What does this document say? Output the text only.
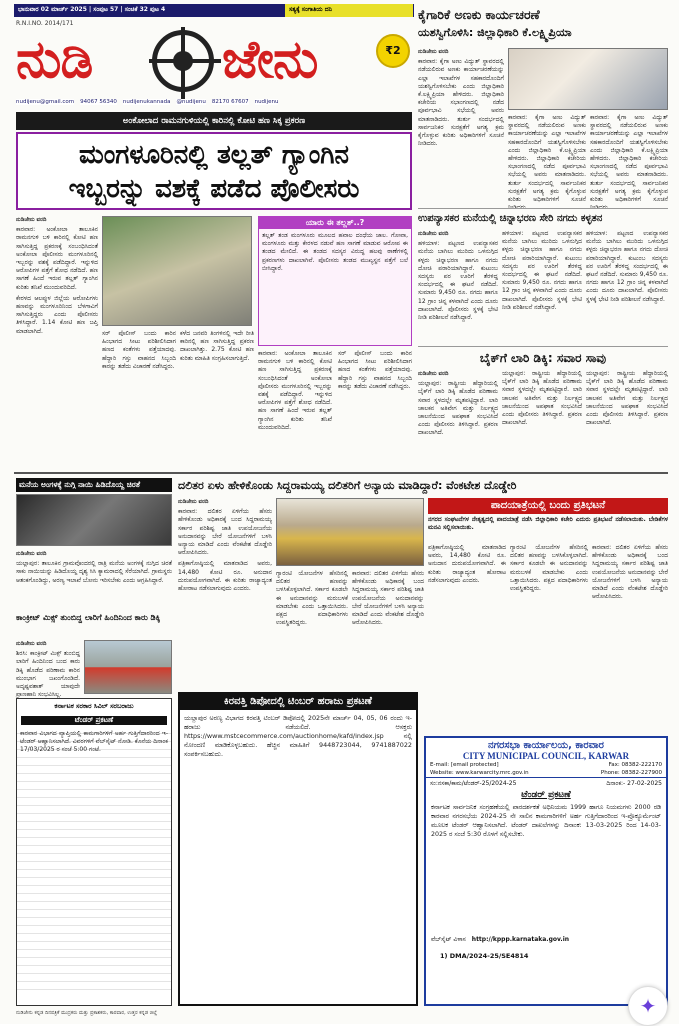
ಭಾನುವಾರ 02 ಮಾರ್ಚ್ 2025 | ಸಂಪುಟ 57 | ಸಂಚಿಕೆ 32 ಪುಟ 4	ಸತ್ಯಕ್ಕೆ ಸಂಗಾತಿಯ ದನಿ
R.N.I.NO. 2014/171
ನುಡಿ ಜೇನು	₹2
nudijenu@gmail.com 94067 56340 nudijenukannada @nudijenu 82170 67607 nudijenu
ಅಂಕೋಲಾದ ರಾಮನಗುಳಿಯಲ್ಲಿ ಕಾರಿನಲ್ಲಿ ಕೋಟಿ ಹಣ ಸಿಕ್ಕ ಪ್ರಕರಣ
ಮಂಗಳೂರಿನಲ್ಲಿ ತಲ್ಲತ್ ಗ್ಯಾಂಗಿನ
ಇಬ್ಬರನ್ನು ವಶಕ್ಕೆ ಪಡೆದ ಪೊಲೀಸರು
ನುಡಿಜೇನು ವರದಿ

ಕಾರವಾರ: ಅಂಕೋಲಾ ತಾಲೂಕಿನ ರಾಮನಗುಳಿ ಬಳಿ ಕಾರಿನಲ್ಲಿ ಕೋಟಿ ಹಣ ಸಾಗಿಸುತ್ತಿದ್ದ ಪ್ರಕರಣಕ್ಕೆ ಸಂಬಂಧಿಸಿದಂತೆ ಅಂಕೋಲಾ ಪೊಲೀಸರು ಮಂಗಳೂರಿನಲ್ಲಿ ಇಬ್ಬರನ್ನು ವಶಕ್ಕೆ ಪಡೆದಿದ್ದಾರೆ. ಇನ್ನುಳಿದ ಆರೋಪಿಗಳ ಪತ್ತೆಗೆ ಶೋಧ ನಡೆದಿದೆ. ಹಣ ಸಾಗಣೆ ಹಿಂದೆ ಇರುವ ತಲ್ಲತ್ ಗ್ಯಾಂಗಿನ ಕುರಿತು ತನಿಖೆ ಮುಂದುವರಿದಿದೆ.

ಕೇರಳದ ಆಲಪ್ಪುಳ ಜಿಲ್ಲೆಯ ಆರೋಪಿಗಳು ಹಣವನ್ನು ಮಂಗಳೂರಿನಿಂದ ಬೆಳಗಾವಿಗೆ ಸಾಗಿಸುತ್ತಿದ್ದರು ಎಂದು ಪೊಲೀಸರು ತಿಳಿಸಿದ್ದಾರೆ. 1.14 ಕೋಟಿ ಹಣ ಜಪ್ತಿ ಮಾಡಲಾಗಿದೆ.	ಸರ್ ಪೊಲೀಸ್ ಬಂದು ಕಾರಿನ ಹಿಂಭಾಗದ ಸೀಟು ಪರಿಶೀಲಿಸಿದಾಗ ಹಣದ ಕಂತೆಗಳು ಪತ್ತೆಯಾದವು. ಹೆದ್ದಾರಿ ಗಸ್ತು ವಾಹನದ ಸಿಬ್ಬಂದಿ ಕಾರನ್ನು ತಡೆದು ವಿಚಾರಣೆ ನಡೆಸಿದ್ದರು.

ಕಳೆದ ಜನವರಿ ತಿಂಗಳಿನಲ್ಲಿ ಇದೇ ರೀತಿ ಕಾರಿನಲ್ಲಿ ಹಣ ಸಾಗಿಸುತ್ತಿದ್ದ ಪ್ರಕರಣ ದಾಖಲಾಗಿತ್ತು. 2.75 ಕೋಟಿ ಹಣ ಕುರಿತು ಮಾಹಿತಿ ಸಂಗ್ರಹಿಸಲಾಗುತ್ತಿದೆ.

ಯಾರು ಈ ತಲ್ಲತ್..?
ತಲ್ಲತ್ ತಂಡ ಮಂಗಳೂರು ಮೂಲದ ಹವಾಲ ದಂಧೆಯ ಜಾಲ. ಗೋವಾ, ಮಂಗಳೂರು ಮತ್ತು ಕೇರಳದ ನಡುವೆ ಹಣ ಸಾಗಣೆ ಮಾಡುವ ಆರೋಪ ಈ ತಂಡದ ಮೇಲಿದೆ. ಈ ತಂಡದ ಸದಸ್ಯರ ವಿರುದ್ಧ ಹಲವು ಠಾಣೆಗಳಲ್ಲಿ ಪ್ರಕರಣಗಳು ದಾಖಲಾಗಿವೆ. ಪೊಲೀಸರು ತಂಡದ ಮುಖ್ಯಸ್ಥನ ಪತ್ತೆಗೆ ಬಲೆ ಬೀಸಿದ್ದಾರೆ.

ಕಾರವಾರ: ಅಂಕೋಲಾ ತಾಲೂಕಿನ ರಾಮನಗುಳಿ ಬಳಿ ಕಾರಿನಲ್ಲಿ ಕೋಟಿ ಹಣ ಸಾಗಿಸುತ್ತಿದ್ದ ಪ್ರಕರಣಕ್ಕೆ ಸಂಬಂಧಿಸಿದಂತೆ ಅಂಕೋಲಾ ಪೊಲೀಸರು ಮಂಗಳೂರಿನಲ್ಲಿ ಇಬ್ಬರನ್ನು ವಶಕ್ಕೆ ಪಡೆದಿದ್ದಾರೆ. ಇನ್ನುಳಿದ ಆರೋಪಿಗಳ ಪತ್ತೆಗೆ ಶೋಧ ನಡೆದಿದೆ. ಹಣ ಸಾಗಣೆ ಹಿಂದೆ ಇರುವ ತಲ್ಲತ್ ಗ್ಯಾಂಗಿನ ಕುರಿತು ತನಿಖೆ ಮುಂದುವರಿದಿದೆ.

ಸರ್ ಪೊಲೀಸ್ ಬಂದು ಕಾರಿನ ಹಿಂಭಾಗದ ಸೀಟು ಪರಿಶೀಲಿಸಿದಾಗ ಹಣದ ಕಂತೆಗಳು ಪತ್ತೆಯಾದವು. ಹೆದ್ದಾರಿ ಗಸ್ತು ವಾಹನದ ಸಿಬ್ಬಂದಿ ಕಾರನ್ನು ತಡೆದು ವಿಚಾರಣೆ ನಡೆಸಿದ್ದರು.

ಕೈಗಾರಿಕೆ ಅಣಕು ಕಾರ್ಯಚರಣೆ
ಯಶಸ್ವಿಗೊಳಿಸಿ: ಜಿಲ್ಲಾಧಿಕಾರಿ ಕೆ.ಲಕ್ಷ್ಮಿಪ್ರಿಯಾ
ನುಡಿಜೇನು ವರದಿ

ಕಾರವಾರ: ಕೈಗಾ ಅಣು ವಿದ್ಯುತ್ ಸ್ಥಾವರದಲ್ಲಿ ನಡೆಯಲಿರುವ ಅಣಕು ಕಾರ್ಯಾಚರಣೆಯನ್ನು ಎಲ್ಲಾ ಇಲಾಖೆಗಳ ಸಹಕಾರದೊಂದಿಗೆ ಯಶಸ್ವಿಗೊಳಿಸಬೇಕು ಎಂದು ಜಿಲ್ಲಾಧಿಕಾರಿ ಕೆ.ಲಕ್ಷ್ಮಿಪ್ರಿಯಾ ಹೇಳಿದರು. ಜಿಲ್ಲಾಧಿಕಾರಿ ಕಚೇರಿಯ ಸಭಾಂಗಣದಲ್ಲಿ ನಡೆದ ಪೂರ್ವಭಾವಿ ಸಭೆಯಲ್ಲಿ ಅವರು ಮಾತನಾಡಿದರು. ತುರ್ತು ಸಂದರ್ಭದಲ್ಲಿ ಸಾರ್ವಜನಿಕರ ಸುರಕ್ಷತೆಗೆ ಅಗತ್ಯ ಕ್ರಮ ಕೈಗೊಳ್ಳುವ ಕುರಿತು ಅಧಿಕಾರಿಗಳಿಗೆ ಸೂಚನೆ ನೀಡಿದರು.

ಕಾರವಾರ: ಕೈಗಾ ಅಣು ವಿದ್ಯುತ್ ಸ್ಥಾವರದಲ್ಲಿ ನಡೆಯಲಿರುವ ಅಣಕು ಕಾರ್ಯಾಚರಣೆಯನ್ನು ಎಲ್ಲಾ ಇಲಾಖೆಗಳ ಸಹಕಾರದೊಂದಿಗೆ ಯಶಸ್ವಿಗೊಳಿಸಬೇಕು ಎಂದು ಜಿಲ್ಲಾಧಿಕಾರಿ ಕೆ.ಲಕ್ಷ್ಮಿಪ್ರಿಯಾ ಹೇಳಿದರು. ಜಿಲ್ಲಾಧಿಕಾರಿ ಕಚೇರಿಯ ಸಭಾಂಗಣದಲ್ಲಿ ನಡೆದ ಪೂರ್ವಭಾವಿ ಸಭೆಯಲ್ಲಿ ಅವರು ಮಾತನಾಡಿದರು. ತುರ್ತು ಸಂದರ್ಭದಲ್ಲಿ ಸಾರ್ವಜನಿಕರ ಸುರಕ್ಷತೆಗೆ ಅಗತ್ಯ ಕ್ರಮ ಕೈಗೊಳ್ಳುವ ಕುರಿತು ಅಧಿಕಾರಿಗಳಿಗೆ ಸೂಚನೆ

ಕಾರವಾರ: ಕೈಗಾ ಅಣು ವಿದ್ಯುತ್ ಸ್ಥಾವರದಲ್ಲಿ ನಡೆಯಲಿರುವ ಅಣಕು ಕಾರ್ಯಾಚರಣೆಯನ್ನು ಎಲ್ಲಾ ಇಲಾಖೆಗಳ ಸಹಕಾರದೊಂದಿಗೆ ಯಶಸ್ವಿಗೊಳಿಸಬೇಕು ಎಂದು ಜಿಲ್ಲಾಧಿಕಾರಿ ಕೆ.ಲಕ್ಷ್ಮಿಪ್ರಿಯಾ ಹೇಳಿದರು. ಜಿಲ್ಲಾಧಿಕಾರಿ ಕಚೇರಿಯ ಸಭಾಂಗಣದಲ್ಲಿ ನಡೆದ ಪೂರ್ವಭಾವಿ ಸಭೆಯಲ್ಲಿ ಅವರು ಮಾತನಾಡಿದರು. ತುರ್ತು ಸಂದರ್ಭದಲ್ಲಿ ಸಾರ್ವಜನಿಕರ ಸುರಕ್ಷತೆಗೆ ಅಗತ್ಯ ಕ್ರಮ ಕೈಗೊಳ್ಳುವ ಕುರಿತು ಅಧಿಕಾರಿಗಳಿಗೆ ಸೂಚನೆ

ಉಪನ್ಯಾಸಕರ ಮನೆಯಲ್ಲಿ ಚಿನ್ನಾಭರಣ ಸೇರಿ ನಗದು ಕಳ್ಳತನ
ನುಡಿಜೇನು ವರದಿ

ಹಳಿಯಾಳ: ಪಟ್ಟಣದ ಉಪನ್ಯಾಸಕರ ಮನೆಯ ಬಾಗಿಲು ಮುರಿದು ಒಳನುಗ್ಗಿದ ಕಳ್ಳರು ಚಿನ್ನಾಭರಣ ಹಾಗೂ ನಗದು ದೋಚಿ ಪರಾರಿಯಾಗಿದ್ದಾರೆ. ಕುಟುಂಬ ಸದಸ್ಯರು ಪರ ಊರಿಗೆ ತೆರಳಿದ್ದ ಸಂದರ್ಭದಲ್ಲಿ ಈ ಘಟನೆ ನಡೆದಿದೆ. ಸುಮಾರು 9,450 ರೂ. ನಗದು ಹಾಗೂ 12 ಗ್ರಾಂ ಚಿನ್ನ ಕಳವಾಗಿದೆ ಎಂದು ದೂರು ದಾಖಲಾಗಿದೆ. ಪೊಲೀಸರು ಸ್ಥಳಕ್ಕೆ ಭೇಟಿ ನೀಡಿ ಪರಿಶೀಲನೆ ನಡೆಸಿದ್ದಾರೆ.

ಹಳಿಯಾಳ: ಪಟ್ಟಣದ ಉಪನ್ಯಾಸಕರ ಮನೆಯ ಬಾಗಿಲು ಮುರಿದು ಒಳನುಗ್ಗಿದ ಕಳ್ಳರು ಚಿನ್ನಾಭರಣ ಹಾಗೂ ನಗದು ದೋಚಿ ಪರಾರಿಯಾಗಿದ್ದಾರೆ. ಕುಟುಂಬ ಸದಸ್ಯರು ಪರ ಊರಿಗೆ ತೆರಳಿದ್ದ ಸಂದರ್ಭದಲ್ಲಿ ಈ ಘಟನೆ ನಡೆದಿದೆ. ಸುಮಾರು 9,450 ರೂ. ನಗದು ಹಾಗೂ 12 ಗ್ರಾಂ ಚಿನ್ನ ಕಳವಾಗಿದೆ ಎಂದು ದೂರು ದಾಖಲಾಗಿದೆ. ಪೊಲೀಸರು ಸ್ಥಳಕ್ಕೆ ಭೇಟಿ ನೀಡಿ ಪರಿಶೀಲನೆ ನಡೆಸಿದ್ದಾರೆ.

ಹಳಿಯಾಳ: ಪಟ್ಟಣದ ಉಪನ್ಯಾಸಕರ ಮನೆಯ ಬಾಗಿಲು ಮುರಿದು ಒಳನುಗ್ಗಿದ ಕಳ್ಳರು ಚಿನ್ನಾಭರಣ ಹಾಗೂ ನಗದು ದೋಚಿ ಪರಾರಿಯಾಗಿದ್ದಾರೆ. ಕುಟುಂಬ ಸದಸ್ಯರು ಪರ ಊರಿಗೆ ತೆರಳಿದ್ದ ಸಂದರ್ಭದಲ್ಲಿ ಈ ಘಟನೆ ನಡೆದಿದೆ. ಸುಮಾರು 9,450 ರೂ. ನಗದು ಹಾಗೂ 12 ಗ್ರಾಂ ಚಿನ್ನ ಕಳವಾಗಿದೆ ಎಂದು ದೂರು ದಾಖಲಾಗಿದೆ. ಪೊಲೀಸರು ಸ್ಥಳಕ್ಕೆ ಭೇಟಿ ನೀಡಿ ಪರಿಶೀಲನೆ ನಡೆಸಿದ್ದಾರೆ.

ಬೈಕ್‌ಗೆ ಲಾರಿ ಡಿಕ್ಕಿ: ಸವಾರ ಸಾವು
ನುಡಿಜೇನು ವರದಿ

ಯಲ್ಲಾಪುರ: ರಾಷ್ಟ್ರೀಯ ಹೆದ್ದಾರಿಯಲ್ಲಿ ಬೈಕ್‌ಗೆ ಲಾರಿ ಡಿಕ್ಕಿ ಹೊಡೆದ ಪರಿಣಾಮ ಸವಾರ ಸ್ಥಳದಲ್ಲೇ ಮೃತಪಟ್ಟಿದ್ದಾರೆ. ಲಾರಿ ಚಾಲಕನ ಅತಿವೇಗ ಮತ್ತು ನಿರ್ಲಕ್ಷ್ಯದ ಚಾಲನೆಯಿಂದ ಅಪಘಾತ ಸಂಭವಿಸಿದೆ ಎಂದು ಪೊಲೀಸರು ತಿಳಿಸಿದ್ದಾರೆ. ಪ್ರಕರಣ ದಾಖಲಾಗಿದೆ.

ಯಲ್ಲಾಪುರ: ರಾಷ್ಟ್ರೀಯ ಹೆದ್ದಾರಿಯಲ್ಲಿ ಬೈಕ್‌ಗೆ ಲಾರಿ ಡಿಕ್ಕಿ ಹೊಡೆದ ಪರಿಣಾಮ ಸವಾರ ಸ್ಥಳದಲ್ಲೇ ಮೃತಪಟ್ಟಿದ್ದಾರೆ. ಲಾರಿ ಚಾಲಕನ ಅತಿವೇಗ ಮತ್ತು ನಿರ್ಲಕ್ಷ್ಯದ ಚಾಲನೆಯಿಂದ ಅಪಘಾತ ಸಂಭವಿಸಿದೆ ಎಂದು ಪೊಲೀಸರು ತಿಳಿಸಿದ್ದಾರೆ. ಪ್ರಕರಣ ದಾಖಲಾಗಿದೆ.

ಯಲ್ಲಾಪುರ: ರಾಷ್ಟ್ರೀಯ ಹೆದ್ದಾರಿಯಲ್ಲಿ ಬೈಕ್‌ಗೆ ಲಾರಿ ಡಿಕ್ಕಿ ಹೊಡೆದ ಪರಿಣಾಮ ಸವಾರ ಸ್ಥಳದಲ್ಲೇ ಮೃತಪಟ್ಟಿದ್ದಾರೆ. ಲಾರಿ ಚಾಲಕನ ಅತಿವೇಗ ಮತ್ತು ನಿರ್ಲಕ್ಷ್ಯದ ಚಾಲನೆಯಿಂದ ಅಪಘಾತ ಸಂಭವಿಸಿದೆ ಎಂದು ಪೊಲೀಸರು ತಿಳಿಸಿದ್ದಾರೆ. ಪ್ರಕರಣ ದಾಖಲಾಗಿದೆ.

ಮನೆಯ ಅಂಗಳಕ್ಕೆ ನುಗ್ಗಿ ನಾಯಿ ಹಿಡಿದೊಯ್ದ ಚಿರತೆ
ನುಡಿಜೇನು ವರದಿ

ಯಲ್ಲಾಪುರ: ತಾಲೂಕಿನ ಗ್ರಾಮವೊಂದರಲ್ಲಿ ರಾತ್ರಿ ಮನೆಯ ಅಂಗಳಕ್ಕೆ ನುಗ್ಗಿದ ಚಿರತೆ ಸಾಕು ನಾಯಿಯನ್ನು ಹಿಡಿದೊಯ್ದ ದೃಶ್ಯ ಸಿಸಿ ಕ್ಯಾಮರಾದಲ್ಲಿ ಸೆರೆಯಾಗಿದೆ. ಗ್ರಾಮಸ್ಥರು ಆತಂಕಗೊಂಡಿದ್ದು, ಅರಣ್ಯ ಇಲಾಖೆ ಬೋನು ಇರಿಸಬೇಕು ಎಂದು ಆಗ್ರಹಿಸಿದ್ದಾರೆ.

ಕಾಂಕ್ರೀಟ್ ಮಿಕ್ಸ್ ತುಂಬಿದ್ದ ಲಾರಿಗೆ ಹಿಂದಿನಿಂದ ಕಾರು ಡಿಕ್ಕಿ
ನುಡಿಜೇನು ವರದಿ

ಶಿರಸಿ: ಕಾಂಕ್ರೀಟ್ ಮಿಕ್ಸ್ ತುಂಬಿದ್ದ ಲಾರಿಗೆ ಹಿಂದಿನಿಂದ ಬಂದ ಕಾರು ಡಿಕ್ಕಿ ಹೊಡೆದ ಪರಿಣಾಮ ಕಾರಿನ ಮುಂಭಾಗ ಜಖಂಗೊಂಡಿದೆ. ಅದೃಷ್ಟವಶಾತ್ ಯಾವುದೇ ಪ್ರಾಣಹಾನಿ ಸಂಭವಿಸಿಲ್ಲ.

ಕರ್ನಾಟಕ ಸರಕಾರ ಸಿವಿಲ್ ಸರಬರಾಜು
ಟೆಂಡರ್ ಪ್ರಕಟಣೆ
ಕಾರವಾರ ವಿಭಾಗದ ವ್ಯಾಪ್ತಿಯಲ್ಲಿ ಕಾಮಗಾರಿಗಳಿಗೆ ಅರ್ಹ ಗುತ್ತಿಗೆದಾರರಿಂದ ಇ-ಟೆಂಡರ್ ಆಹ್ವಾನಿಸಲಾಗಿದೆ. ವಿವರಗಳಿಗೆ ವೆಬ್‌ಸೈಟ್ ನೋಡಿ. ಕೊನೆಯ ದಿನಾಂಕ 17/03/2025 ರ ಸಂಜೆ 5:00 ಗಂಟೆ.
ದಲಿತರ ಏಳು ಹೇಳಿಕೊಂಡು ಸಿದ್ದರಾಮಯ್ಯ ದಲಿತರಿಗೆ ಅನ್ಯಾಯ ಮಾಡಿದ್ದಾರೆ: ವೆಂಕಟೇಶ ದೊಡ್ಡೇರಿ
ನುಡಿಜೇನು ವರದಿ

ಕಾರವಾರ: ದಲಿತರ ಏಳಿಗೆಯ ಹೆಸರು ಹೇಳಿಕೊಂಡು ಅಧಿಕಾರಕ್ಕೆ ಬಂದ ಸಿದ್ದರಾಮಯ್ಯ ಸರ್ಕಾರ ಪರಿಶಿಷ್ಟ ಜಾತಿ ಉಪಯೋಜನೆಯ ಅನುದಾನವನ್ನು ಬೇರೆ ಯೋಜನೆಗಳಿಗೆ ಬಳಸಿ ಅನ್ಯಾಯ ಮಾಡಿದೆ ಎಂದು ವೆಂಕಟೇಶ ದೊಡ್ಡೇರಿ ಆರೋಪಿಸಿದರು.

ಪತ್ರಿಕಾಗೋಷ್ಠಿಯಲ್ಲಿ ಮಾತನಾಡಿದ ಅವರು, 14,480 ಕೋಟಿ ರೂ. ಅನುದಾನ ದುರುಪಯೋಗವಾಗಿದೆ. ಈ ಕುರಿತು ರಾಜ್ಯಾದ್ಯಂತ ಹೋರಾಟ ನಡೆಸಲಾಗುವುದು ಎಂದರು.

ಗ್ಯಾರಂಟಿ ಯೋಜನೆಗಳ ಹೆಸರಿನಲ್ಲಿ ದಲಿತರ ಹಣವನ್ನು ಬಳಸಿಕೊಳ್ಳಲಾಗಿದೆ. ಸರ್ಕಾರ ಕೂಡಲೇ ಈ ಅನುದಾನವನ್ನು ಮರುಬಳಕೆ ಮಾಡಬೇಕು ಎಂದು ಒತ್ತಾಯಿಸಿದರು. ಪಕ್ಷದ ಪದಾಧಿಕಾರಿಗಳು ಉಪಸ್ಥಿತರಿದ್ದರು.

ಕಾರವಾರ: ದಲಿತರ ಏಳಿಗೆಯ ಹೆಸರು ಹೇಳಿಕೊಂಡು ಅಧಿಕಾರಕ್ಕೆ ಬಂದ ಸಿದ್ದರಾಮಯ್ಯ ಸರ್ಕಾರ ಪರಿಶಿಷ್ಟ ಜಾತಿ ಉಪಯೋಜನೆಯ ಅನುದಾನವನ್ನು ಬೇರೆ ಯೋಜನೆಗಳಿಗೆ ಬಳಸಿ ಅನ್ಯಾಯ ಮಾಡಿದೆ ಎಂದು ವೆಂಕಟೇಶ ದೊಡ್ಡೇರಿ ಆರೋಪಿಸಿದರು.

ಪಾದಯಾತ್ರೆಯಲ್ಲಿ ಬಂದು ಪ್ರತಿಭಟನೆ
ನಗರದ ಸಂಘಟನೆಗಳ ನೇತೃತ್ವದಲ್ಲಿ ಪಾದಯಾತ್ರೆ ನಡೆಸಿ ಜಿಲ್ಲಾಧಿಕಾರಿ ಕಚೇರಿ ಎದುರು ಪ್ರತಿಭಟನೆ ನಡೆಸಲಾಯಿತು. ಬೇಡಿಕೆಗಳ ಮನವಿ ಸಲ್ಲಿಸಲಾಯಿತು.

ಪತ್ರಿಕಾಗೋಷ್ಠಿಯಲ್ಲಿ ಮಾತನಾಡಿದ ಅವರು, 14,480 ಕೋಟಿ ರೂ. ಅನುದಾನ ದುರುಪಯೋಗವಾಗಿದೆ. ಈ ಕುರಿತು ರಾಜ್ಯಾದ್ಯಂತ ಹೋರಾಟ ನಡೆಸಲಾಗುವುದು ಎಂದರು.

ಗ್ಯಾರಂಟಿ ಯೋಜನೆಗಳ ಹೆಸರಿನಲ್ಲಿ ದಲಿತರ ಹಣವನ್ನು ಬಳಸಿಕೊಳ್ಳಲಾಗಿದೆ. ಸರ್ಕಾರ ಕೂಡಲೇ ಈ ಅನುದಾನವನ್ನು ಮರುಬಳಕೆ ಮಾಡಬೇಕು ಎಂದು ಒತ್ತಾಯಿಸಿದರು. ಪಕ್ಷದ ಪದಾಧಿಕಾರಿಗಳು ಉಪಸ್ಥಿತರಿದ್ದರು.

ಕಾರವಾರ: ದಲಿತರ ಏಳಿಗೆಯ ಹೆಸರು ಹೇಳಿಕೊಂಡು ಅಧಿಕಾರಕ್ಕೆ ಬಂದ ಸಿದ್ದರಾಮಯ್ಯ ಸರ್ಕಾರ ಪರಿಶಿಷ್ಟ ಜಾತಿ ಉಪಯೋಜನೆಯ ಅನುದಾನವನ್ನು ಬೇರೆ ಯೋಜನೆಗಳಿಗೆ ಬಳಸಿ ಅನ್ಯಾಯ ಮಾಡಿದೆ ಎಂದು ವೆಂಕಟೇಶ ದೊಡ್ಡೇರಿ ಆರೋಪಿಸಿದರು.

ಕಿರವತ್ತಿ ಡಿಪೋದಲ್ಲಿ ಟಿಂಬರ್ ಹರಾಜು ಪ್ರಕಟಣೆ
ಯಲ್ಲಾಪುರ ಅರಣ್ಯ ವಿಭಾಗದ ಕಿರವತ್ತಿ ಟಿಂಬರ್ ಡಿಪೋದಲ್ಲಿ 2025ನೇ ಮಾರ್ಚ್ 04, 05, 06 ರಂದು ಇ-ಹರಾಜು ನಡೆಯಲಿದೆ. ಆಸಕ್ತರು https://www.mstcecommerce.com/auctionhome/kafd/index.jsp ನಲ್ಲಿ ನೋಂದಣಿ ಮಾಡಿಕೊಳ್ಳಬಹುದು. ಹೆಚ್ಚಿನ ಮಾಹಿತಿಗೆ 9448723044, 9741887022 ಸಂಪರ್ಕಿಸಬಹುದು.
ನಗರಸಭಾ ಕಾರ್ಯಾಲಯ, ಕಾರವಾರ
CITY MUNICIPAL COUNCIL, KARWAR
E-mail: [email protected]	Fax: 08382-222170
Website: www.karwarcity.mrc.gov.in	Phone: 08382-227900
ಸಂ:ನಸಕಾ/ಕಾಮ/ಟೆಂಡರ್-25/2024-25	ದಿನಾಂಕ:- 27-02-2025
ಟೆಂಡರ್ ಪ್ರಕಟಣೆ
ಕರ್ನಾಟಕ ಸಾರ್ವಜನಿಕ ಸಂಗ್ರಹಣೆಯಲ್ಲಿ ಪಾರದರ್ಶಕತೆ ಅಧಿನಿಯಮ 1999 ಹಾಗೂ ನಿಯಮಗಳು 2000 ರಡಿ ಕಾರವಾರ ನಗರಸಭೆಯ 2024-25 ನೇ ಸಾಲಿನ ಕಾಮಗಾರಿಗಳಿಗೆ ಅರ್ಹ ಗುತ್ತಿಗೆದಾರರಿಂದ ಇ-ಪ್ರೊಕ್ಯೂರ್ಮೆಂಟ್ ಮೂಲಕ ಟೆಂಡರ್ ಆಹ್ವಾನಿಸಲಾಗಿದೆ. ಟೆಂಡರ್ ದಾಖಲೆಗಳನ್ನು ದಿನಾಂಕ: 13-03-2025 ರಿಂದ 14-03-2025 ರ ಸಂಜೆ 5:30 ರೊಳಗೆ ಸಲ್ಲಿಸಬೇಕು.
ವೆಬ್‌ಸೈಟ್ ವಿಳಾಸ http://kppp.karnataka.gov.in
1) DMA/2024-25/SE4814
ನುಡಿಜೇನು ಕನ್ನಡ ದಿನಪತ್ರಿಕೆ ಮುದ್ರಕರು ಮತ್ತು ಪ್ರಕಾಶಕರು, ಕಾರವಾರ, ಉತ್ತರ ಕನ್ನಡ ಜಿಲ್ಲೆ	✦
